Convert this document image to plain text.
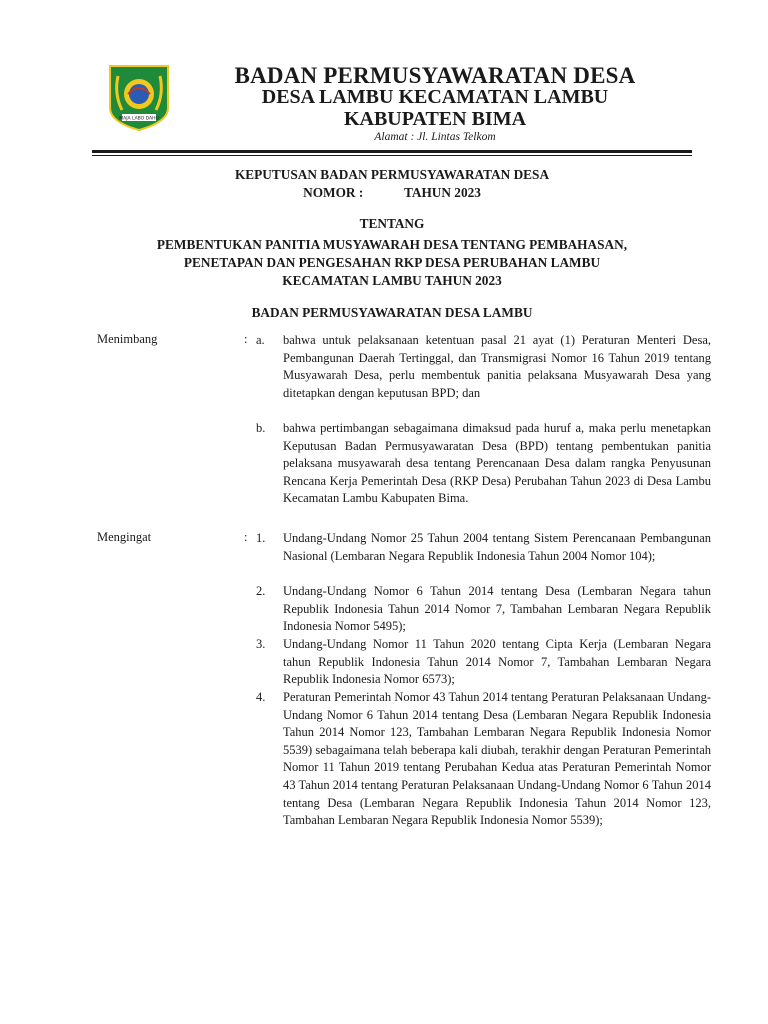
MAJA LABO DAHU
BADAN PERMUSYAWARATAN DESA
DESA LAMBU KECAMATAN LAMBU
KABUPATEN BIMA
Alamat : Jl. Lintas Telkom
KEPUTUSAN BADAN PERMUSYAWARATAN DESA
NOMOR :	TAHUN 2023
TENTANG
PEMBENTUKAN PANITIA MUSYAWARAH DESA TENTANG PEMBAHASAN,
PENETAPAN DAN PENGESAHAN RKP DESA PERUBAHAN LAMBU
KECAMATAN LAMBU TAHUN 2023
BADAN PERMUSYAWARATAN DESA LAMBU
Menimbang	: a.	bahwa untuk pelaksanaan ketentuan pasal 21 ayat (1) Peraturan Menteri Desa, Pembangunan Daerah Tertinggal, dan Transmigrasi Nomor 16 Tahun 2019 tentang Musyawarah Desa, perlu membentuk panitia pelaksana Musyawarah Desa yang ditetapkan dengan keputusan BPD; dan
b.	bahwa pertimbangan sebagaimana dimaksud pada huruf a, maka perlu menetapkan Keputusan Badan Permusyawaratan Desa (BPD) tentang pembentukan panitia pelaksana musyawarah desa tentang Perencanaan Desa dalam rangka Penyusunan Rencana Kerja Pemerintah Desa (RKP Desa) Perubahan Tahun 2023 di Desa Lambu Kecamatan Lambu Kabupaten Bima.
Mengingat	: 1.	Undang-Undang Nomor 25 Tahun 2004 tentang Sistem Perencanaan Pembangunan Nasional (Lembaran Negara Republik Indonesia Tahun 2004 Nomor 104);
2.	Undang-Undang Nomor 6 Tahun 2014 tentang Desa (Lembaran Negara tahun Republik Indonesia Tahun 2014 Nomor 7, Tambahan Lembaran Negara Republik Indonesia Nomor 5495);
3.	Undang-Undang Nomor 11 Tahun 2020 tentang Cipta Kerja (Lembaran Negara tahun Republik Indonesia Tahun 2014 Nomor 7, Tambahan Lembaran Negara Republik Indonesia Nomor 6573);
4.	Peraturan Pemerintah Nomor 43 Tahun 2014 tentang Peraturan Pelaksanaan Undang-Undang Nomor 6 Tahun 2014 tentang Desa (Lembaran Negara Republik Indonesia Tahun 2014 Nomor 123, Tambahan Lembaran Negara Republik Indonesia Nomor 5539) sebagaimana telah beberapa kali diubah, terakhir dengan Peraturan Pemerintah Nomor 11 Tahun 2019 tentang Perubahan Kedua atas Peraturan Pemerintah Nomor 43 Tahun 2014 tentang Peraturan Pelaksanaan Undang-Undang Nomor 6 Tahun 2014 tentang Desa (Lembaran Negara Republik Indonesia Tahun 2014 Nomor 123, Tambahan Lembaran Negara Republik Indonesia Nomor 5539);
